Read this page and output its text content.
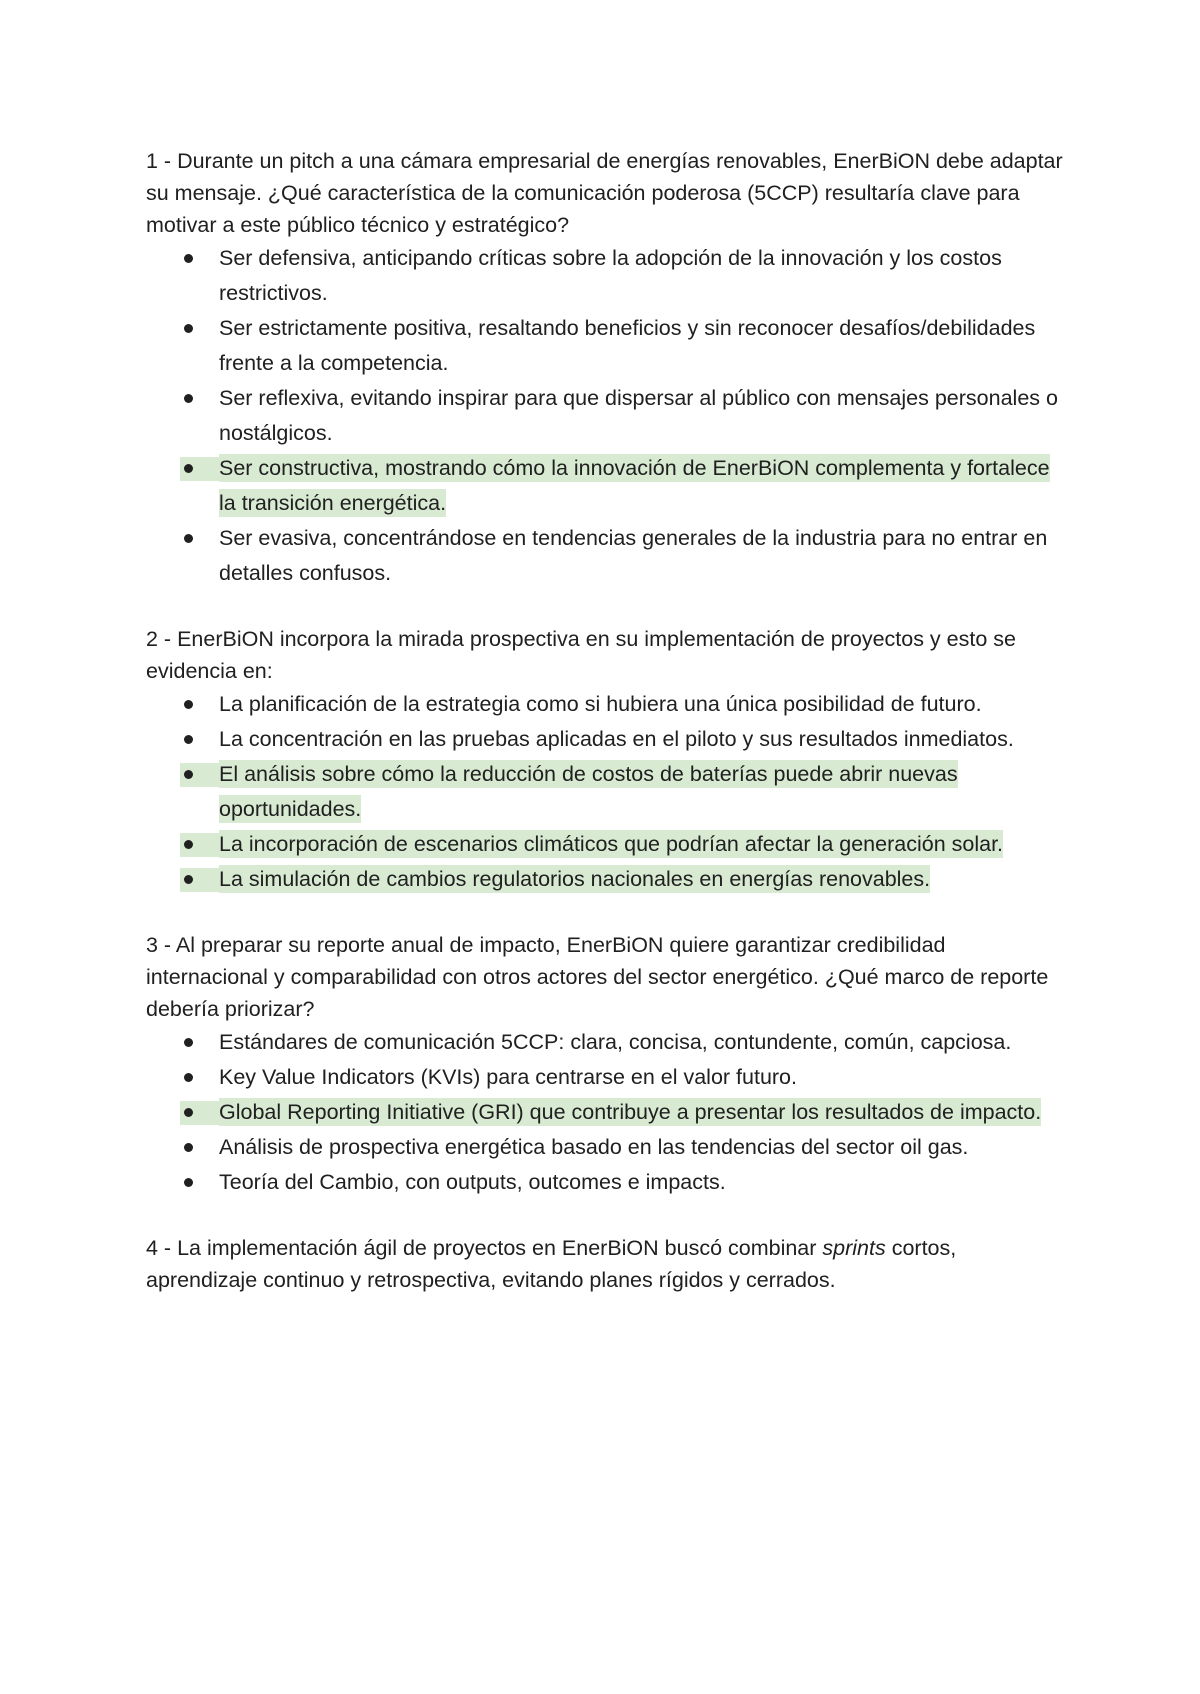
1 - Durante un pitch a una cámara empresarial de energías renovables, EnerBiON debe adaptar su mensaje. ¿Qué característica de la comunicación poderosa (5CCP) resultaría clave para motivar a este público técnico y estratégico?

Ser defensiva, anticipando críticas sobre la adopción de la innovación y los costos restrictivos.
Ser estrictamente positiva, resaltando beneficios y sin reconocer desafíos/debilidades frente a la competencia.
Ser reflexiva, evitando inspirar para que dispersar al público con mensajes personales o nostálgicos.
Ser constructiva, mostrando cómo la innovación de EnerBiON complementa y fortalece la transición energética.
Ser evasiva, concentrándose en tendencias generales de la industria para no entrar en detalles confusos.

2 - EnerBiON incorpora la mirada prospectiva en su implementación de proyectos y esto se evidencia en:

La planificación de la estrategia como si hubiera una única posibilidad de futuro.
La concentración en las pruebas aplicadas en el piloto y sus resultados inmediatos.
El análisis sobre cómo la reducción de costos de baterías puede abrir nuevas oportunidades.
La incorporación de escenarios climáticos que podrían afectar la generación solar.
La simulación de cambios regulatorios nacionales en energías renovables.

3 - Al preparar su reporte anual de impacto, EnerBiON quiere garantizar credibilidad internacional y comparabilidad con otros actores del sector energético. ¿Qué marco de reporte debería priorizar?

Estándares de comunicación 5CCP: clara, concisa, contundente, común, capciosa.
Key Value Indicators (KVIs) para centrarse en el valor futuro.
Global Reporting Initiative (GRI) que contribuye a presentar los resultados de impacto.
Análisis de prospectiva energética basado en las tendencias del sector oil gas.
Teoría del Cambio, con outputs, outcomes e impacts.

4 - La implementación ágil de proyectos en EnerBiON buscó combinar sprints cortos, aprendizaje continuo y retrospectiva, evitando planes rígidos y cerrados.
